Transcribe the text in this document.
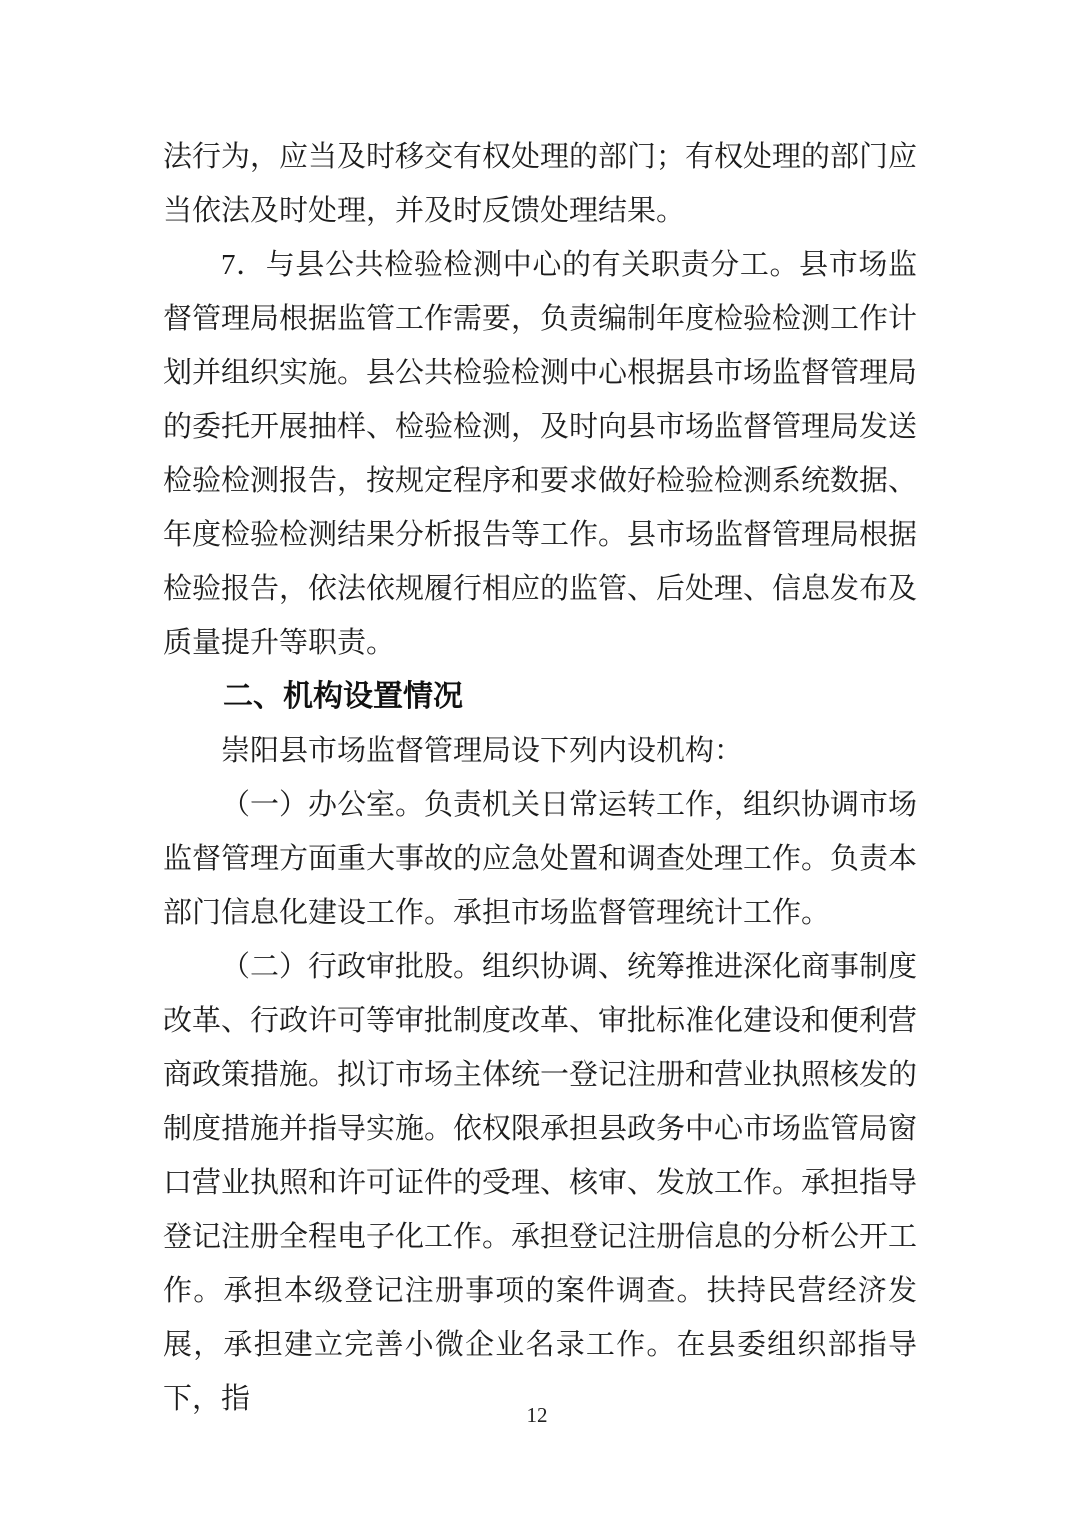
法行为，应当及时移交有权处理的部门；有权处理的部门应当依法及时处理，并及时反馈处理结果。

7．与县公共检验检测中心的有关职责分工。县市场监督管理局根据监管工作需要，负责编制年度检验检测工作计划并组织实施。县公共检验检测中心根据县市场监督管理局的委托开展抽样、检验检测，及时向县市场监督管理局发送检验检测报告，按规定程序和要求做好检验检测系统数据、年度检验检测结果分析报告等工作。县市场监督管理局根据检验报告，依法依规履行相应的监管、后处理、信息发布及质量提升等职责。

二、机构设置情况

崇阳县市场监督管理局设下列内设机构：

（一）办公室。负责机关日常运转工作，组织协调市场监督管理方面重大事故的应急处置和调查处理工作。负责本部门信息化建设工作。承担市场监督管理统计工作。

（二）行政审批股。组织协调、统筹推进深化商事制度改革、行政许可等审批制度改革、审批标准化建设和便利营商政策措施。拟订市场主体统一登记注册和营业执照核发的制度措施并指导实施。依权限承担县政务中心市场监管局窗口营业执照和许可证件的受理、核审、发放工作。承担指导登记注册全程电子化工作。承担登记注册信息的分析公开工作。承担本级登记注册事项的案件调查。扶持民营经济发展，承担建立完善小微企业名录工作。在县委组织部指导下，指	12
